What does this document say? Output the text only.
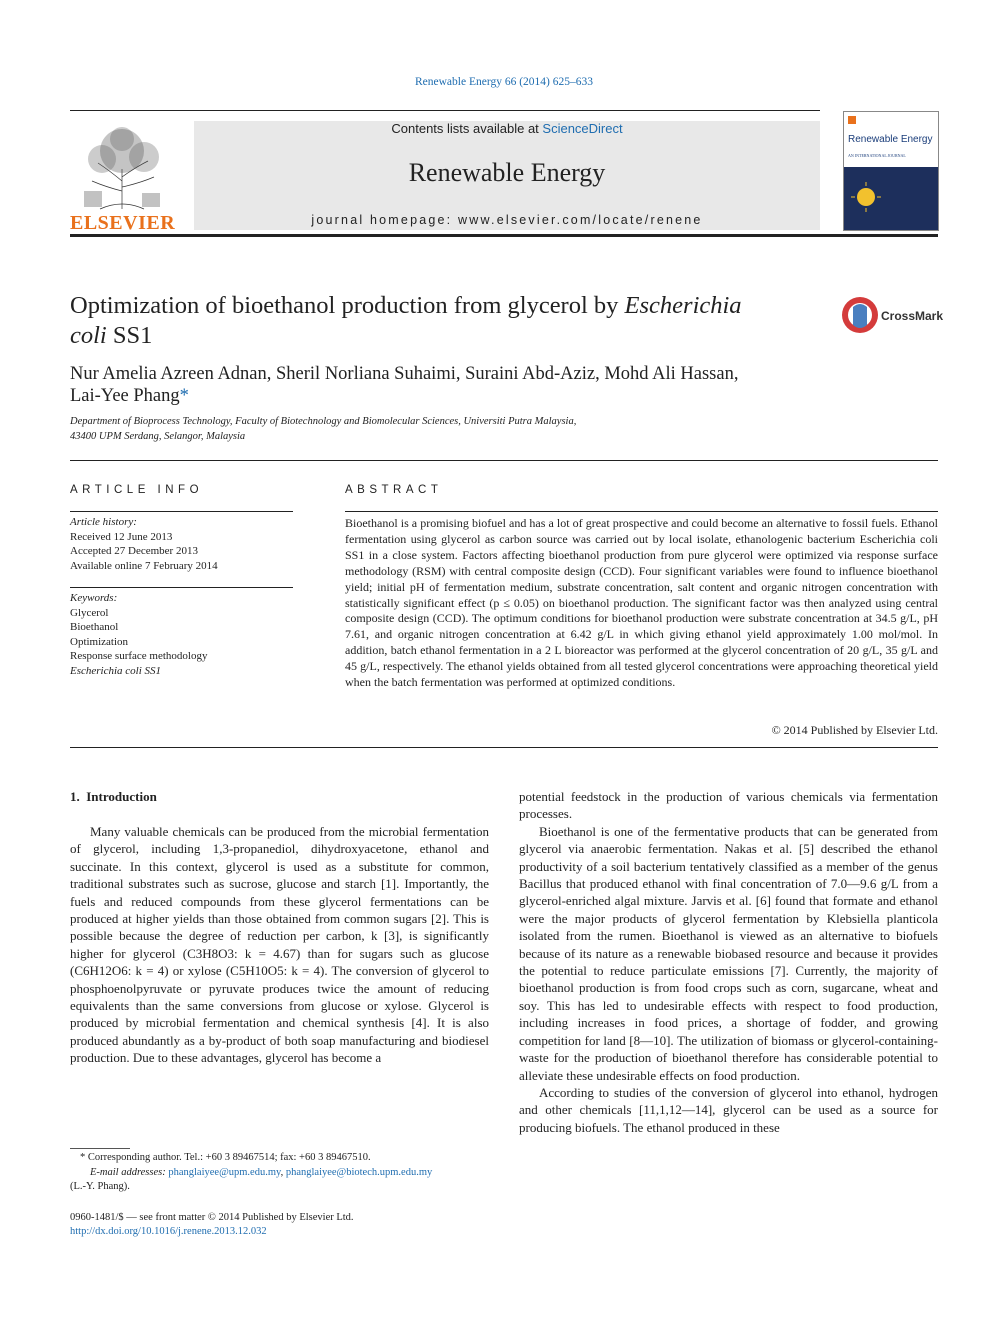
Renewable Energy 66 (2014) 625–633
ELSEVIER
Contents lists available at ScienceDirect
Renewable Energy
journal homepage: www.elsevier.com/locate/renene
Renewable Energy
AN INTERNATIONAL JOURNAL
Optimization of bioethanol production from glycerol by Escherichia
coli SS1
CrossMark
Nur Amelia Azreen Adnan, Sheril Norliana Suhaimi, Suraini Abd-Aziz, Mohd Ali Hassan,
Lai-Yee Phang*
Department of Bioprocess Technology, Faculty of Biotechnology and Biomolecular Sciences, Universiti Putra Malaysia,
43400 UPM Serdang, Selangor, Malaysia
ARTICLE INFO
Article history:
Received 12 June 2013
Accepted 27 December 2013
Available online 7 February 2014
Keywords:
Glycerol
Bioethanol
Optimization
Response surface methodology
Escherichia coli SS1
ABSTRACT
Bioethanol is a promising biofuel and has a lot of great prospective and could become an alternative to fossil fuels. Ethanol fermentation using glycerol as carbon source was carried out by local isolate, ethanologenic bacterium Escherichia coli SS1 in a close system. Factors affecting bioethanol production from pure glycerol were optimized via response surface methodology (RSM) with central composite design (CCD). Four significant variables were found to influence bioethanol yield; initial pH of fermentation medium, substrate concentration, salt content and organic nitrogen concentration with statistically significant effect (p ≤ 0.05) on bioethanol production. The significant factor was then analyzed using central composite design (CCD). The optimum conditions for bioethanol production were substrate concentration at 34.5 g/L, pH 7.61, and organic nitrogen concentration at 6.42 g/L in which giving ethanol yield approximately 1.00 mol/mol. In addition, batch ethanol fermentation in a 2 L bioreactor was performed at the glycerol concentration of 20 g/L, 35 g/L and 45 g/L, respectively. The ethanol yields obtained from all tested glycerol concentrations were approaching theoretical yield when the batch fermentation was performed at optimized conditions.
© 2014 Published by Elsevier Ltd.
1. Introduction

Many valuable chemicals can be produced from the microbial fermentation of glycerol, including 1,3-propanediol, dihydroxyacetone, ethanol and succinate. In this context, glycerol is used as a substitute for common, traditional substrates such as sucrose, glucose and starch [1]. Importantly, the fuels and reduced compounds from these glycerol fermentations can be produced at higher yields than those obtained from common sugars [2]. This is possible because the degree of reduction per carbon, k [3], is significantly higher for glycerol (C3H8O3: k = 4.67) than for sugars such as glucose (C6H12O6: k = 4) or xylose (C5H10O5: k = 4). The conversion of glycerol to phosphoenolpyruvate or pyruvate produces twice the amount of reducing equivalents than the same conversions from glucose or xylose. Glycerol is produced by microbial fermentation and chemical synthesis [4]. It is also produced abundantly as a by-product of both soap manufacturing and biodiesel production. Due to these advantages, glycerol has become a

potential feedstock in the production of various chemicals via fermentation processes.

Bioethanol is one of the fermentative products that can be generated from glycerol via anaerobic fermentation. Nakas et al. [5] described the ethanol productivity of a soil bacterium tentatively classified as a member of the genus Bacillus that produced ethanol with final concentration of 7.0—9.6 g/L from a glycerol-enriched algal mixture. Jarvis et al. [6] found that formate and ethanol were the major products of glycerol fermentation by Klebsiella planticola isolated from the rumen. Bioethanol is viewed as an alternative to biofuels because of its nature as a renewable biobased resource and because it provides the potential to reduce particulate emissions [7]. Currently, the majority of bioethanol production is from food crops such as corn, sugarcane, wheat and soy. This has led to undesirable effects with respect to food production, including increases in food prices, a shortage of fodder, and growing competition for land [8—10]. The utilization of biomass or glycerol-containing-waste for the production of bioethanol therefore has considerable potential to alleviate these undesirable effects on food production.

According to studies of the conversion of glycerol into ethanol, hydrogen and other chemicals [11,1,12—14], glycerol can be used as a source for producing biofuels. The ethanol produced in these

* Corresponding author. Tel.: +60 3 89467514; fax: +60 3 89467510.
E-mail addresses: phanglaiyee@upm.edu.my, phanglaiyee@biotech.upm.edu.my
(L.-Y. Phang).
0960-1481/$ — see front matter © 2014 Published by Elsevier Ltd.
http://dx.doi.org/10.1016/j.renene.2013.12.032
